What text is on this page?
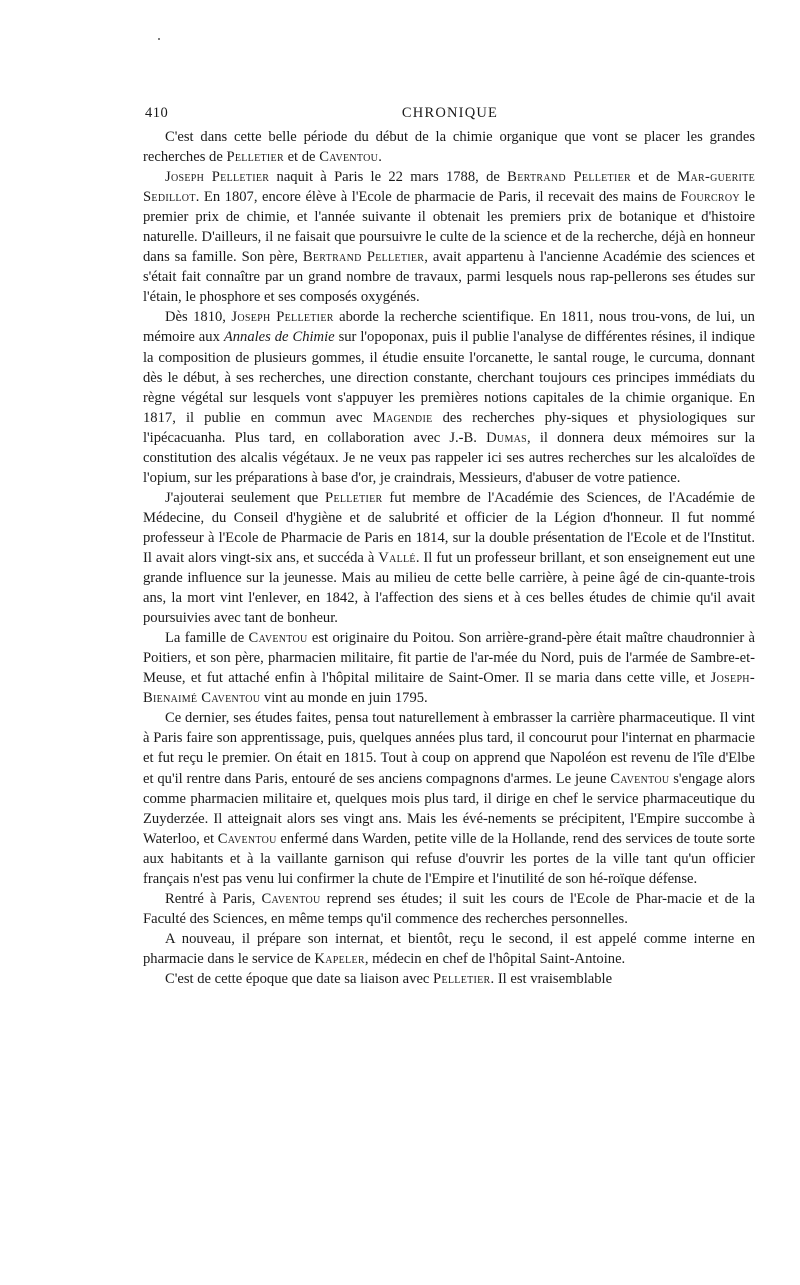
410	CHRONIQUE

C'est dans cette belle période du début de la chimie organique que vont se placer les grandes recherches de Pelletier et de Caventou.

Joseph Pelletier naquit à Paris le 22 mars 1788, de Bertrand Pelletier et de Mar-guerite Sedillot. En 1807, encore élève à l'Ecole de pharmacie de Paris, il recevait des mains de Fourcroy le premier prix de chimie, et l'année suivante il obtenait les premiers prix de botanique et d'histoire naturelle. D'ailleurs, il ne faisait que poursuivre le culte de la science et de la recherche, déjà en honneur dans sa famille. Son père, Bertrand Pelletier, avait appartenu à l'ancienne Académie des sciences et s'était fait connaître par un grand nombre de travaux, parmi lesquels nous rap-pellerons ses études sur l'étain, le phosphore et ses composés oxygénés.

Dès 1810, Joseph Pelletier aborde la recherche scientifique. En 1811, nous trou-vons, de lui, un mémoire aux Annales de Chimie sur l'opoponax, puis il publie l'analyse de différentes résines, il indique la composition de plusieurs gommes, il étudie ensuite l'orcanette, le santal rouge, le curcuma, donnant dès le début, à ses recherches, une direction constante, cherchant toujours ces principes immédiats du règne végétal sur lesquels vont s'appuyer les premières notions capitales de la chimie organique. En 1817, il publie en commun avec Magendie des recherches phy-siques et physiologiques sur l'ipécacuanha. Plus tard, en collaboration avec J.-B. Dumas, il donnera deux mémoires sur la constitution des alcalis végétaux. Je ne veux pas rappeler ici ses autres recherches sur les alcaloïdes de l'opium, sur les préparations à base d'or, je craindrais, Messieurs, d'abuser de votre patience.

J'ajouterai seulement que Pelletier fut membre de l'Académie des Sciences, de l'Académie de Médecine, du Conseil d'hygiène et de salubrité et officier de la Légion d'honneur. Il fut nommé professeur à l'Ecole de Pharmacie de Paris en 1814, sur la double présentation de l'Ecole et de l'Institut. Il avait alors vingt-six ans, et succéda à Vallé. Il fut un professeur brillant, et son enseignement eut une grande influence sur la jeunesse. Mais au milieu de cette belle carrière, à peine âgé de cin-quante-trois ans, la mort vint l'enlever, en 1842, à l'affection des siens et à ces belles études de chimie qu'il avait poursuivies avec tant de bonheur.

La famille de Caventou est originaire du Poitou. Son arrière-grand-père était maître chaudronnier à Poitiers, et son père, pharmacien militaire, fit partie de l'ar-mée du Nord, puis de l'armée de Sambre-et-Meuse, et fut attaché enfin à l'hôpital militaire de Saint-Omer. Il se maria dans cette ville, et Joseph-Bienaimé Caventou vint au monde en juin 1795.

Ce dernier, ses études faites, pensa tout naturellement à embrasser la carrière pharmaceutique. Il vint à Paris faire son apprentissage, puis, quelques années plus tard, il concourut pour l'internat en pharmacie et fut reçu le premier. On était en 1815. Tout à coup on apprend que Napoléon est revenu de l'île d'Elbe et qu'il rentre dans Paris, entouré de ses anciens compagnons d'armes. Le jeune Caventou s'engage alors comme pharmacien militaire et, quelques mois plus tard, il dirige en chef le service pharmaceutique du Zuyderzée. Il atteignait alors ses vingt ans. Mais les évé-nements se précipitent, l'Empire succombe à Waterloo, et Caventou enfermé dans Warden, petite ville de la Hollande, rend des services de toute sorte aux habitants et à la vaillante garnison qui refuse d'ouvrir les portes de la ville tant qu'un officier français n'est pas venu lui confirmer la chute de l'Empire et l'inutilité de son hé-roïque défense.

Rentré à Paris, Caventou reprend ses études; il suit les cours de l'Ecole de Phar-macie et de la Faculté des Sciences, en même temps qu'il commence des recherches personnelles.

A nouveau, il prépare son internat, et bientôt, reçu le second, il est appelé comme interne en pharmacie dans le service de Kapeler, médecin en chef de l'hôpital Saint-Antoine.

C'est de cette époque que date sa liaison avec Pelletier. Il est vraisemblable
